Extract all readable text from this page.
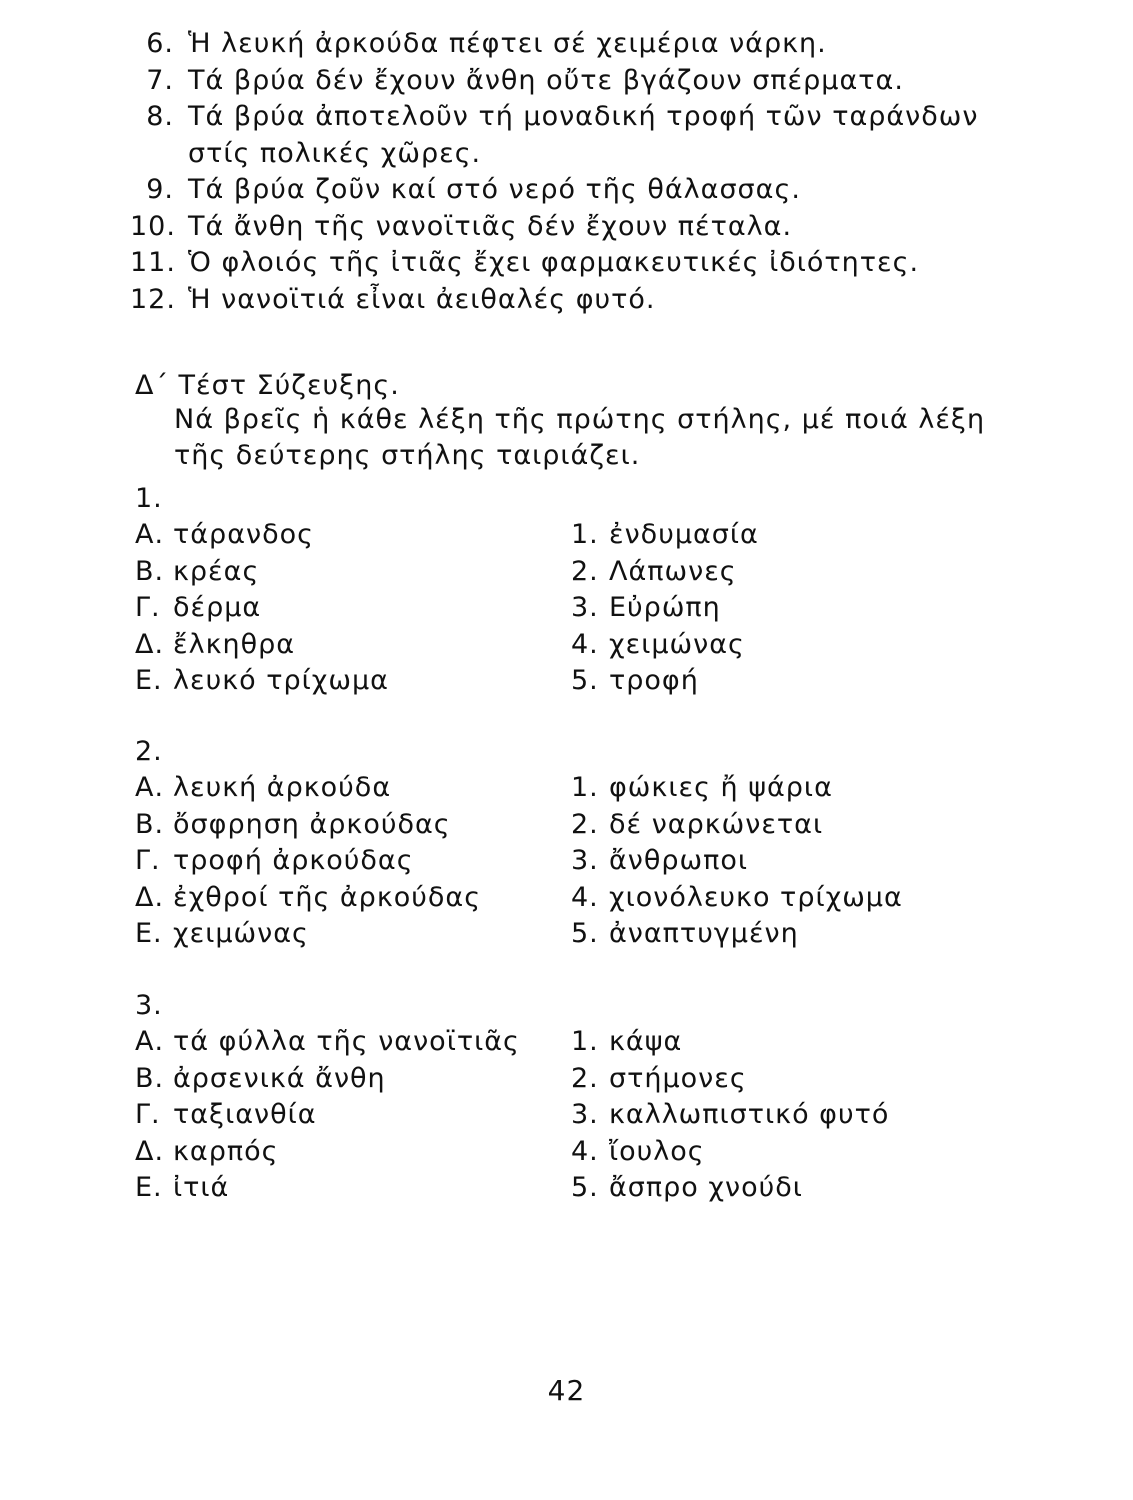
6. Ἡ λευκή ἀρκούδα πέφτει σέ χειμέρια νάρκη.
7. Τά βρύα δέν ἔχουν ἄνθη οὔτε βγάζουν σπέρματα.
8. Τά βρύα ἀποτελοῦν τή μοναδική τροφή τῶν ταράνδων στίς πολικές χῶρες.
9. Τά βρύα ζοῦν καί στό νερό τῆς θάλασσας.
10. Τά ἄνθη τῆς νανοϊτιᾶς δέν ἔχουν πέταλα.
11. Ὁ φλοιός τῆς ἰτιᾶς ἔχει φαρμακευτικές ἰδιότητες.
12. Ἡ νανοϊτιά εἶναι ἀειθαλές φυτό.
Δ΄ Τέστ Σύζευξης.
Νά βρεῖς ἡ κάθε λέξη τῆς πρώτης στήλης, μέ ποιά λέξη τῆς δεύτερης στήλης ταιριάζει.
1.
Α. τάρανδος	1. ἐνδυμασία
Β. κρέας	2. Λάπωνες
Γ. δέρμα	3. Εὐρώπη
Δ. ἔλκηθρα	4. χειμώνας
Ε. λευκό τρίχωμα	5. τροφή
2.
Α. λευκή ἀρκούδα	1. φώκιες ἤ ψάρια
Β. ὄσφρηση ἀρκούδας	2. δέ ναρκώνεται
Γ. τροφή ἀρκούδας	3. ἄνθρωποι
Δ. ἐχθροί τῆς ἀρκούδας	4. χιονόλευκο τρίχωμα
Ε. χειμώνας	5. ἀναπτυγμένη
3.
Α. τά φύλλα τῆς νανοϊτιᾶς 1. κάψα
Β. ἀρσενικά ἄνθη	2. στήμονες
Γ. ταξιανθία	3. καλλωπιστικό φυτό
Δ. καρπός	4. ἴουλος
Ε. ἰτιά	5. ἄσπρο χνούδι
42
